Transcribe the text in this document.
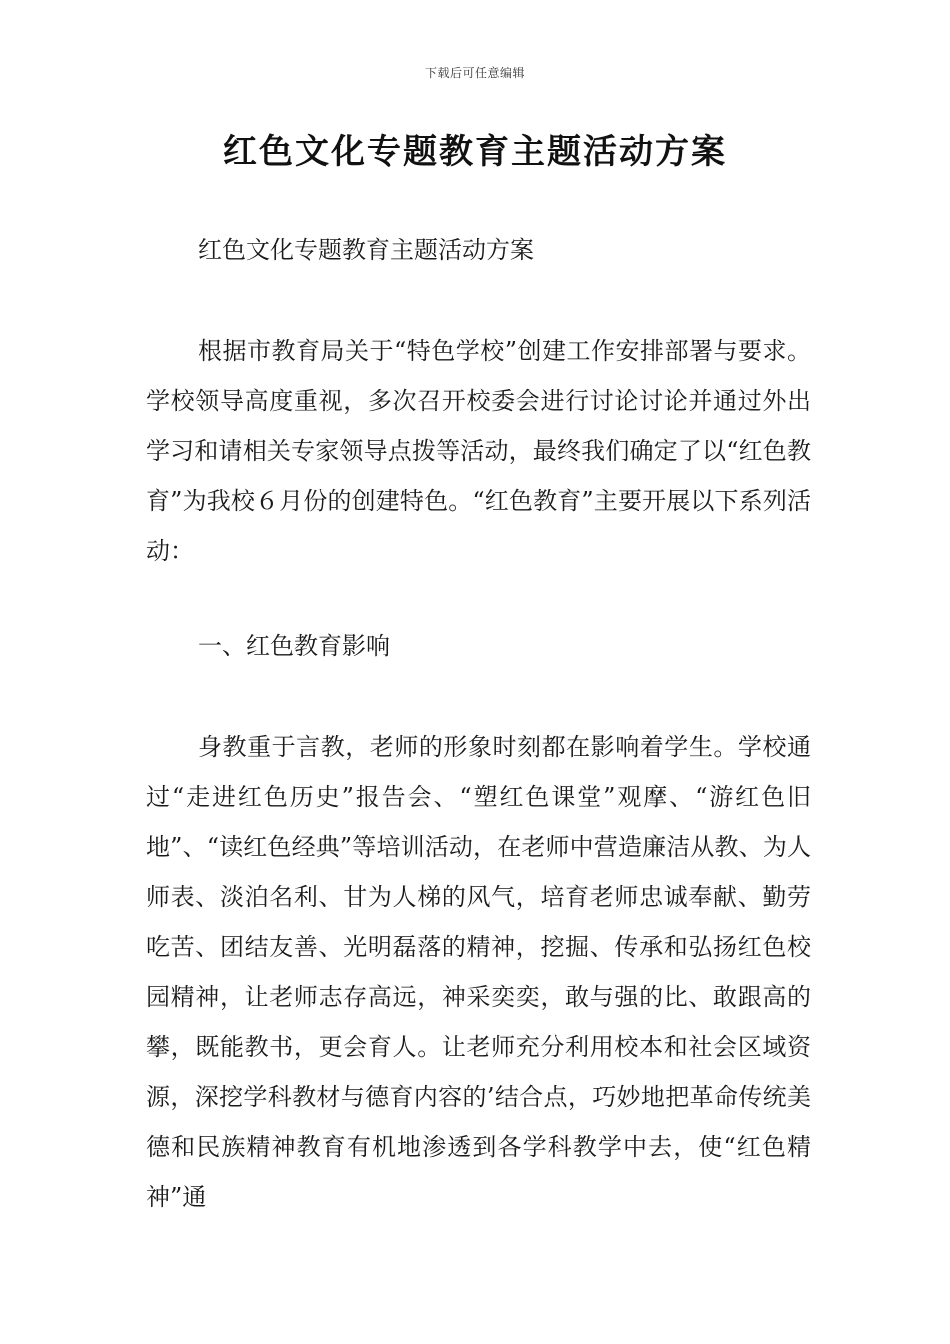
下载后可任意编辑
红色文化专题教育主题活动方案

红色文化专题教育主题活动方案

根据市教育局关于“特色学校”创建工作安排部署与要求。学校领导高度重视，多次召开校委会进行讨论讨论并通过外出学习和请相关专家领导点拨等活动，最终我们确定了以“红色教育”为我校６月份的创建特色。“红色教育”主要开展以下系列活动：

一、红色教育影响

身教重于言教，老师的形象时刻都在影响着学生。学校通过“走进红色历史”报告会、“塑红色课堂”观摩、“游红色旧地”、“读红色经典”等培训活动，在老师中营造廉洁从教、为人师表、淡泊名利、甘为人梯的风气，培育老师忠诚奉献、勤劳吃苦、团结友善、光明磊落的精神，挖掘、传承和弘扬红色校园精神，让老师志存高远，神采奕奕，敢与强的比、敢跟高的攀，既能教书，更会育人。让老师充分利用校本和社会区域资源，深挖学科教材与德育内容的’结合点，巧妙地把革命传统美德和民族精神教育有机地渗透到各学科教学中去，使“红色精神”通
